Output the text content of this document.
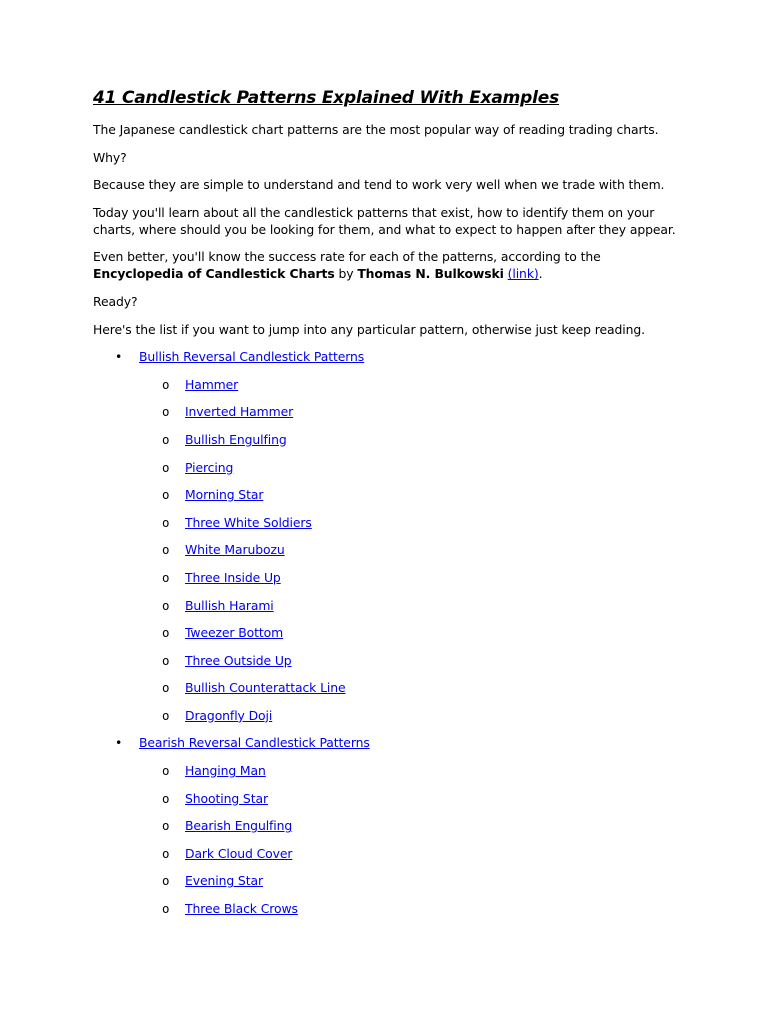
41 Candlestick Patterns Explained With Examples

The Japanese candlestick chart patterns are the most popular way of reading trading charts.

Why?

Because they are simple to understand and tend to work very well when we trade with them.

Today you'll learn about all the candlestick patterns that exist, how to identify them on your charts, where should you be looking for them, and what to expect to happen after they appear.

Even better, you'll know the success rate for each of the patterns, according to the Encyclopedia of Candlestick Charts by Thomas N. Bulkowski (link).

Ready?

Here's the list if you want to jump into any particular pattern, otherwise just keep reading.

• Bullish Reversal Candlestick Patterns
o Hammer
o Inverted Hammer
o Bullish Engulfing
o Piercing
o Morning Star
o Three White Soldiers
o White Marubozu
o Three Inside Up
o Bullish Harami
o Tweezer Bottom
o Three Outside Up
o Bullish Counterattack Line
o Dragonfly Doji
• Bearish Reversal Candlestick Patterns
o Hanging Man
o Shooting Star
o Bearish Engulfing
o Dark Cloud Cover
o Evening Star
o Three Black Crows
